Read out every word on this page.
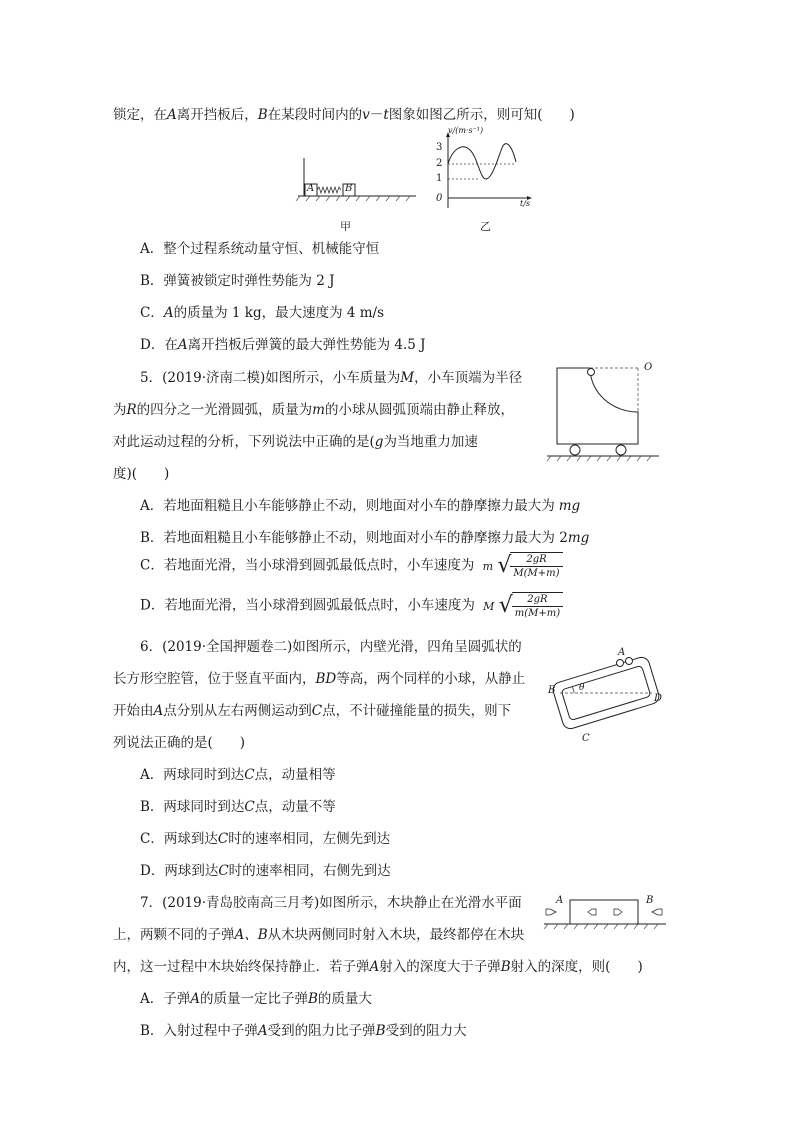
锁定，在A离开挡板后，B在某段时间内的v－t图象如图乙所示，则可知(　　)
A	B
甲
v/(m·s⁻¹)
3
2
1
0	t/s
乙
A．整个过程系统动量守恒、机械能守恒
B．弹簧被锁定时弹性势能为 2 J
C．A的质量为 1 kg，最大速度为 4 m/s
D．在A离开挡板后弹簧的最大弹性势能为 4.5 J
5．(2019·济南二模)如图所示，小车质量为M，小车顶端为半径
为R的四分之一光滑圆弧，质量为m的小球从圆弧顶端由静止释放，
对此运动过程的分析，下列说法中正确的是(g为当地重力加速
度)(　　)
O
A．若地面粗糙且小车能够静止不动，则地面对小车的静摩擦力最大为 mg
B．若地面粗糙且小车能够静止不动，则地面对小车的静摩擦力最大为 2mg
C．若地面光滑，当小球滑到圆弧最低点时，小车速度为 m √ $\frac{2gR}{M(M+m)}$
D．若地面光滑，当小球滑到圆弧最低点时，小车速度为 M √ $\frac{2gR}{m(M+m)}$
6．(2019·全国押题卷二)如图所示，内壁光滑，四角呈圆弧状的
长方形空腔管，位于竖直平面内，BD等高，两个同样的小球，从静止
开始由A点分别从左右两侧运动到C点，不计碰撞能量的损失，则下
列说法正确的是(　　)
A
B
C
D
θ
A．两球同时到达C点，动量相等
B．两球同时到达C点，动量不等
C．两球到达C时的速率相同，左侧先到达
D．两球到达C时的速率相同，右侧先到达
7．(2019·青岛胶南高三月考)如图所示，木块静止在光滑水平面
上，两颗不同的子弹A、B从木块两侧同时射入木块，最终都停在木块
内，这一过程中木块始终保持静止．若子弹A射入的深度大于子弹B射入的深度，则(　　)
A	B
A．子弹A的质量一定比子弹B的质量大
B．入射过程中子弹A受到的阻力比子弹B受到的阻力大
